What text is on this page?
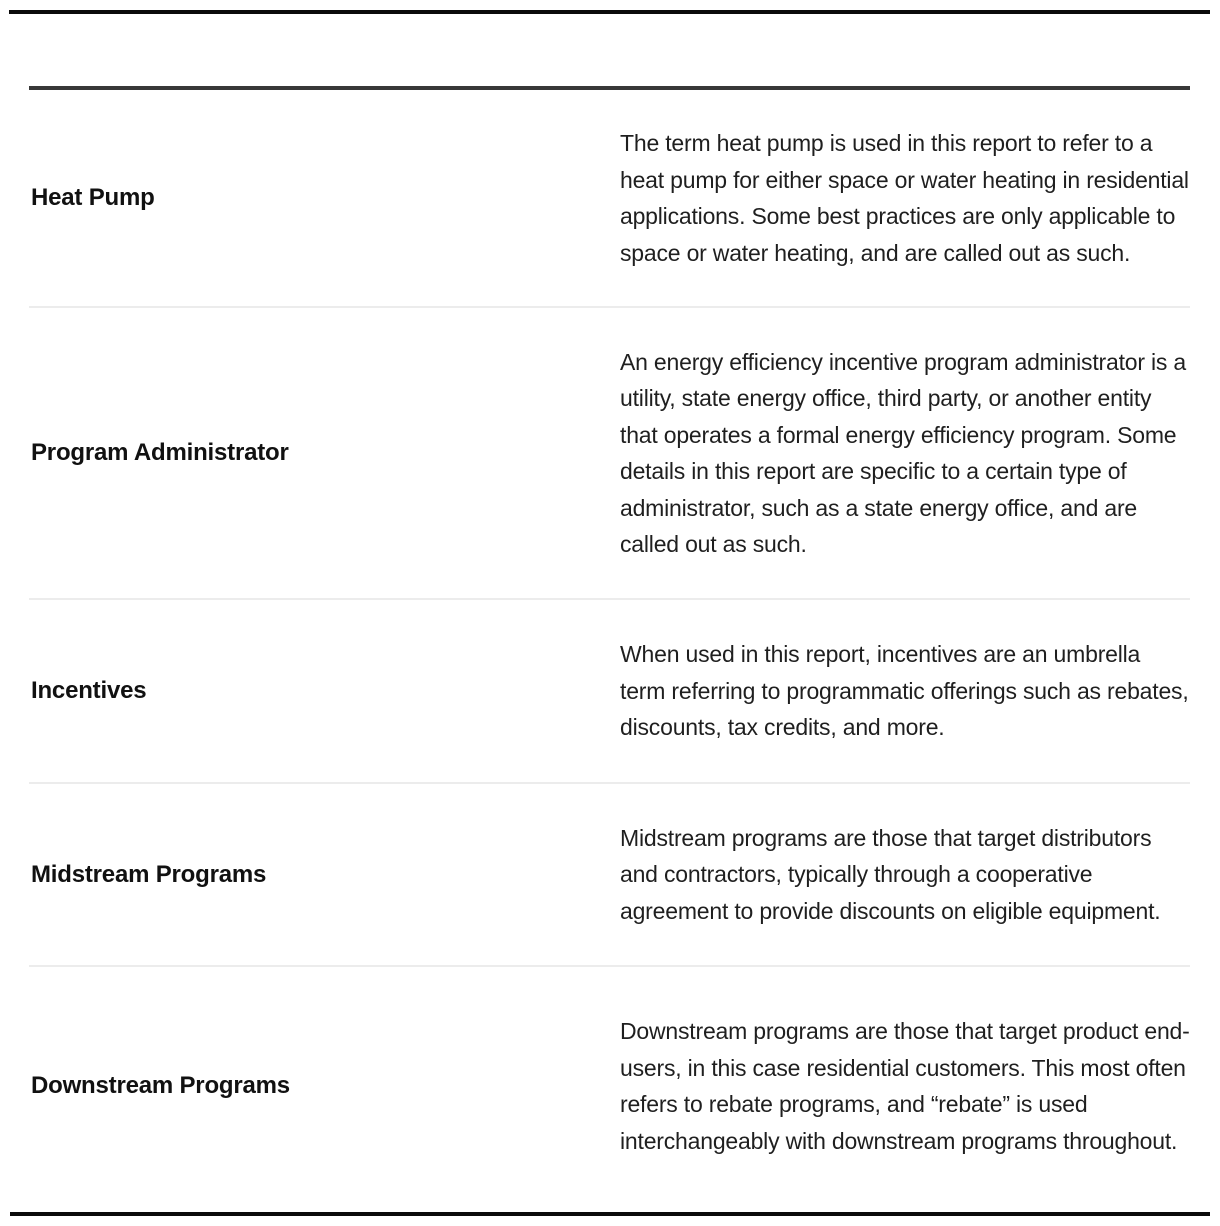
Heat Pump
The term heat pump is used in this report to refer to a heat pump for either space or water heating in residential applications. Some best practices are only applicable to space or water heating, and are called out as such.
Program Administrator
An energy efficiency incentive program administrator is a utility, state energy office, third party, or another entity that operates a formal energy efficiency program. Some details in this report are specific to a certain type of administrator, such as a state energy office, and are called out as such.
Incentives
When used in this report, incentives are an umbrella term referring to programmatic offerings such as rebates, discounts, tax credits, and more.
Midstream Programs
Midstream programs are those that target distributors and contractors, typically through a cooperative agreement to provide discounts on eligible equipment.
Downstream Programs
Downstream programs are those that target product end-users, in this case residential customers. This most often refers to rebate programs, and “rebate” is used interchangeably with downstream programs throughout.
